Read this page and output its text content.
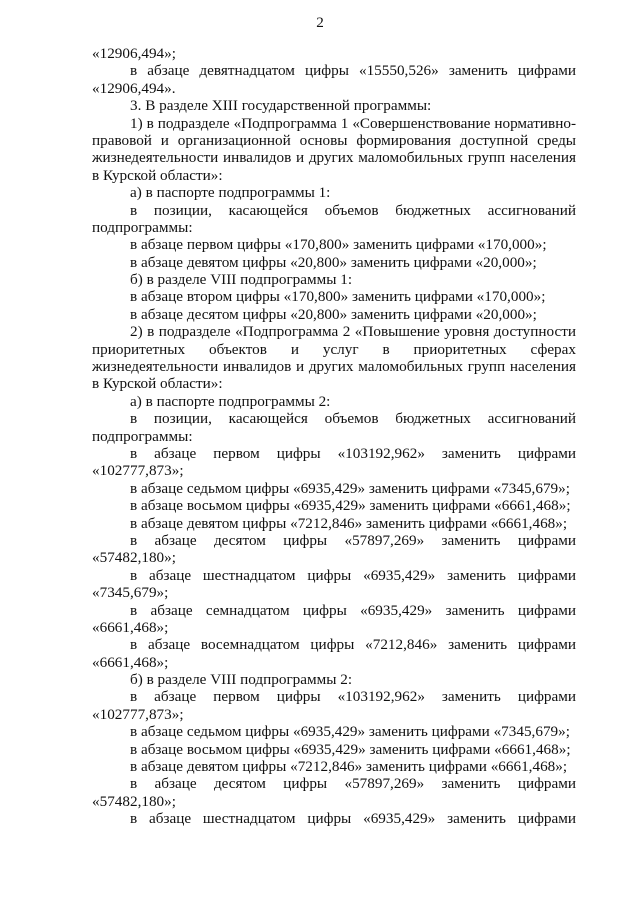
2
«12906,494»;
в абзаце девятнадцатом цифры «15550,526» заменить цифрами
«12906,494».
3. В разделе XIII государственной программы:
1) в подразделе «Подпрограмма 1 «Совершенствование нормативно-
правовой и организационной основы формирования доступной среды
жизнедеятельности инвалидов и других маломобильных групп населения
в Курской области»:
а) в паспорте подпрограммы 1:
в позиции, касающейся объемов бюджетных ассигнований
подпрограммы:
в абзаце первом цифры «170,800» заменить цифрами «170,000»;
в абзаце девятом цифры «20,800» заменить цифрами «20,000»;
б) в разделе VIII подпрограммы 1:
в абзаце втором цифры «170,800» заменить цифрами «170,000»;
в абзаце десятом цифры «20,800» заменить цифрами «20,000»;
2) в подразделе «Подпрограмма 2 «Повышение уровня доступности
приоритетных объектов и услуг в приоритетных сферах
жизнедеятельности инвалидов и других маломобильных групп населения
в Курской области»:
а) в паспорте подпрограммы 2:
в позиции, касающейся объемов бюджетных ассигнований
подпрограммы:
в абзаце первом цифры «103192,962» заменить цифрами
«102777,873»;
в абзаце седьмом цифры «6935,429» заменить цифрами «7345,679»;
в абзаце восьмом цифры «6935,429» заменить цифрами «6661,468»;
в абзаце девятом цифры «7212,846» заменить цифрами «6661,468»;
в абзаце десятом цифры «57897,269» заменить цифрами
«57482,180»;
в абзаце шестнадцатом цифры «6935,429» заменить цифрами
«7345,679»;
в абзаце семнадцатом цифры «6935,429» заменить цифрами
«6661,468»;
в абзаце восемнадцатом цифры «7212,846» заменить цифрами
«6661,468»;
б) в разделе VIII подпрограммы 2:
в абзаце первом цифры «103192,962» заменить цифрами
«102777,873»;
в абзаце седьмом цифры «6935,429» заменить цифрами «7345,679»;
в абзаце восьмом цифры «6935,429» заменить цифрами «6661,468»;
в абзаце девятом цифры «7212,846» заменить цифрами «6661,468»;
в абзаце десятом цифры «57897,269» заменить цифрами
«57482,180»;
в абзаце шестнадцатом цифры «6935,429» заменить цифрами
